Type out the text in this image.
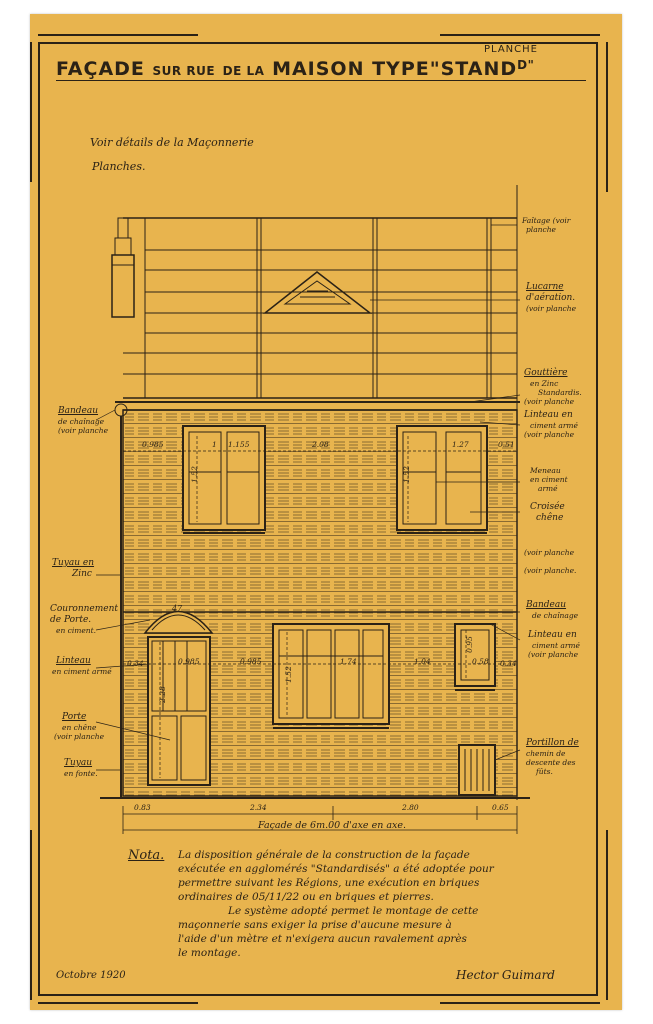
PLANCHE
FAÇADE SUR RUE DE LA MAISON $TYPE"STAND^{D"}$
Voir détails de la Maçonnerie
Planches.
0.985	1 1.155	2.08	1.27	0.51
1.52	1.52
0.34	0.985	0.985	1.74	1.04	0.58 0.34
2.28
1.52
0.95
0.83	2.34	2.80	0.65
Façade de 6m.00 d'axe en axe.
47
Bandeau
de chaînage
(voir planche
Tuyau en
Zinc
Couronnement
de Porte.
en ciment.
Linteau
en ciment armé
Porte
en chêne
(voir planche
Tuyau
en fonte.
Faîtage (voir
planche
Lucarne
d'aération.
(voir planche
Gouttière
en Zinc
Standardis.
(voir planche
Linteau en
ciment armé
(voir planche
Meneau
en ciment
armé
Croisée
chêne
(voir planche
(voir planche.
Bandeau
de chaînage
Linteau en
ciment armé
(voir planche
Portillon de
chemin de
descente des
fûts.
Nota. La disposition générale de la construction de la façade
exécutée en agglomérés "Standardisés" a été adoptée pour
permettre suivant les Régions, une exécution en briques
ordinaires de 05/11/22 ou en briques et pierres.
Le système adopté permet le montage de cette
maçonnerie sans exiger la prise d'aucune mesure à
l'aide d'un mètre et n'exigera aucun ravalement après
le montage.
Octobre 1920	Hector Guimard
